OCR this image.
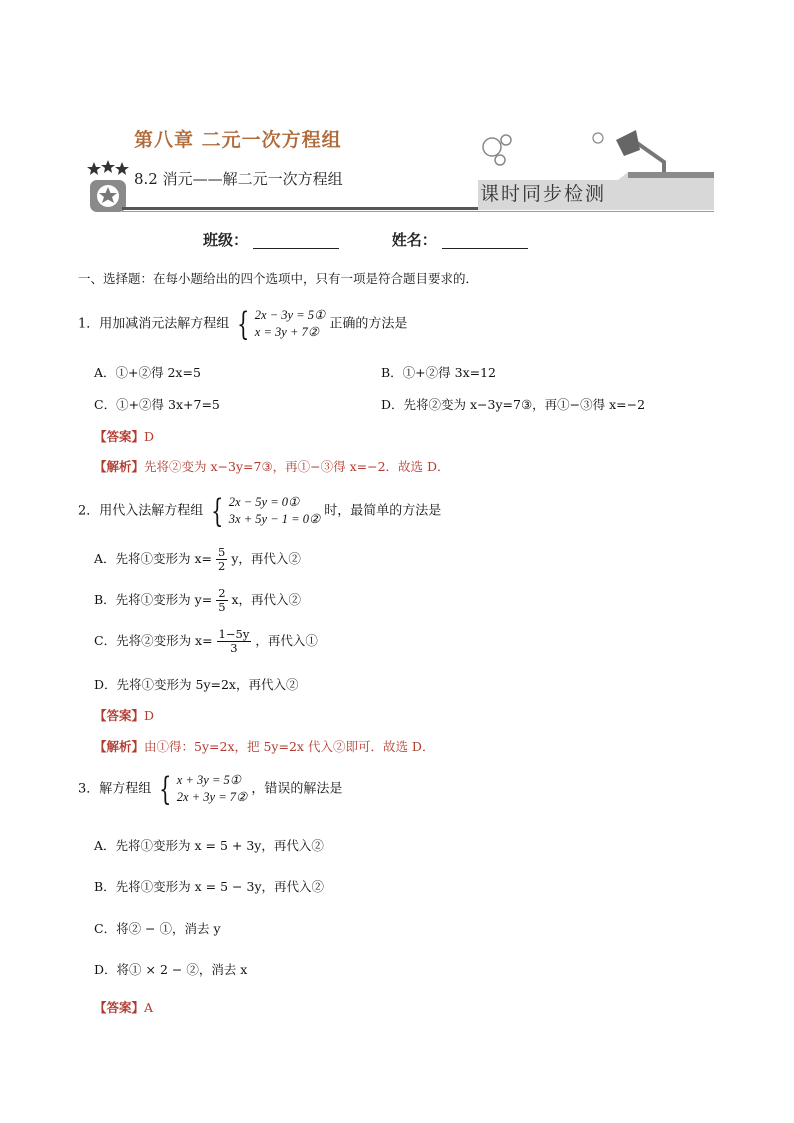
第八章 二元一次方程组
8.2 消元——解二元一次方程组
课时同步检测
班级：	姓名：
一、选择题：在每小题给出的四个选项中，只有一项是符合题目要求的．
1．用加减消元法解方程组 { 2x − 3y = 5①
x = 3y + 7②
正确的方法是
A．①+②得 2x=5	B．①+②得 3x=12
C．①+②得 3x+7=5	D．先将②变为 x−3y=7③，再①−③得 x=−2
【答案】D
【解析】先将②变为 x−3y=7③，再①−③得 x=−2．故选 D．
2．用代入法解方程组 { 2x − 5y = 0①
3x + 5y − 1 = 0②
时，最简单的方法是
A．先将①变形为 $x= \frac{5}{2}$ y，再代入②
B．先将①变形为 $y= \frac{2}{5}$ x，再代入②
C．先将②变形为 $x= \frac{1-5y}{3}$ ，再代入①
D．先将①变形为 5y=2x，再代入②
【答案】D
【解析】由①得：5y=2x，把 5y=2x 代入②即可．故选 D．
3．解方程组 { x + 3y = 5①
2x + 3y = 7②
，错误的解法是
A．先将①变形为 x = 5 + 3y，再代入②
B．先将①变形为 x = 5 − 3y，再代入②
C．将② − ①，消去 y
D．将① × 2 − ②，消去 x
【答案】A
